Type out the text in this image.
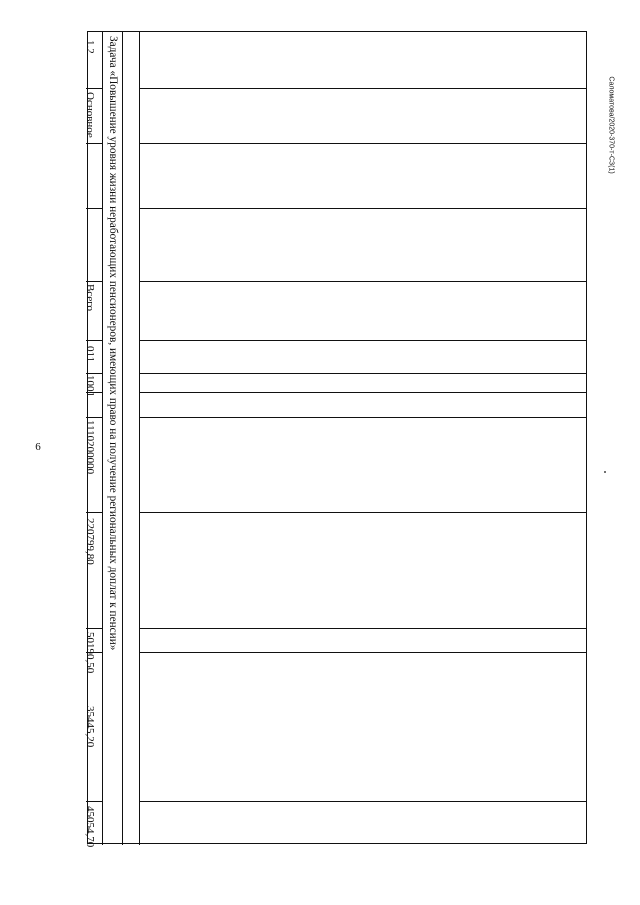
6
Саломатова/2020-370-т-СЗ(1)
Задача «Повышение уровня жизни неработающих пенсионеров, имеющих право на получение региональных доплат к пенсии»
1.2
Основное
Всего
011
1001
1110200000
220799,80
50190,50
35445,20
45054,70
